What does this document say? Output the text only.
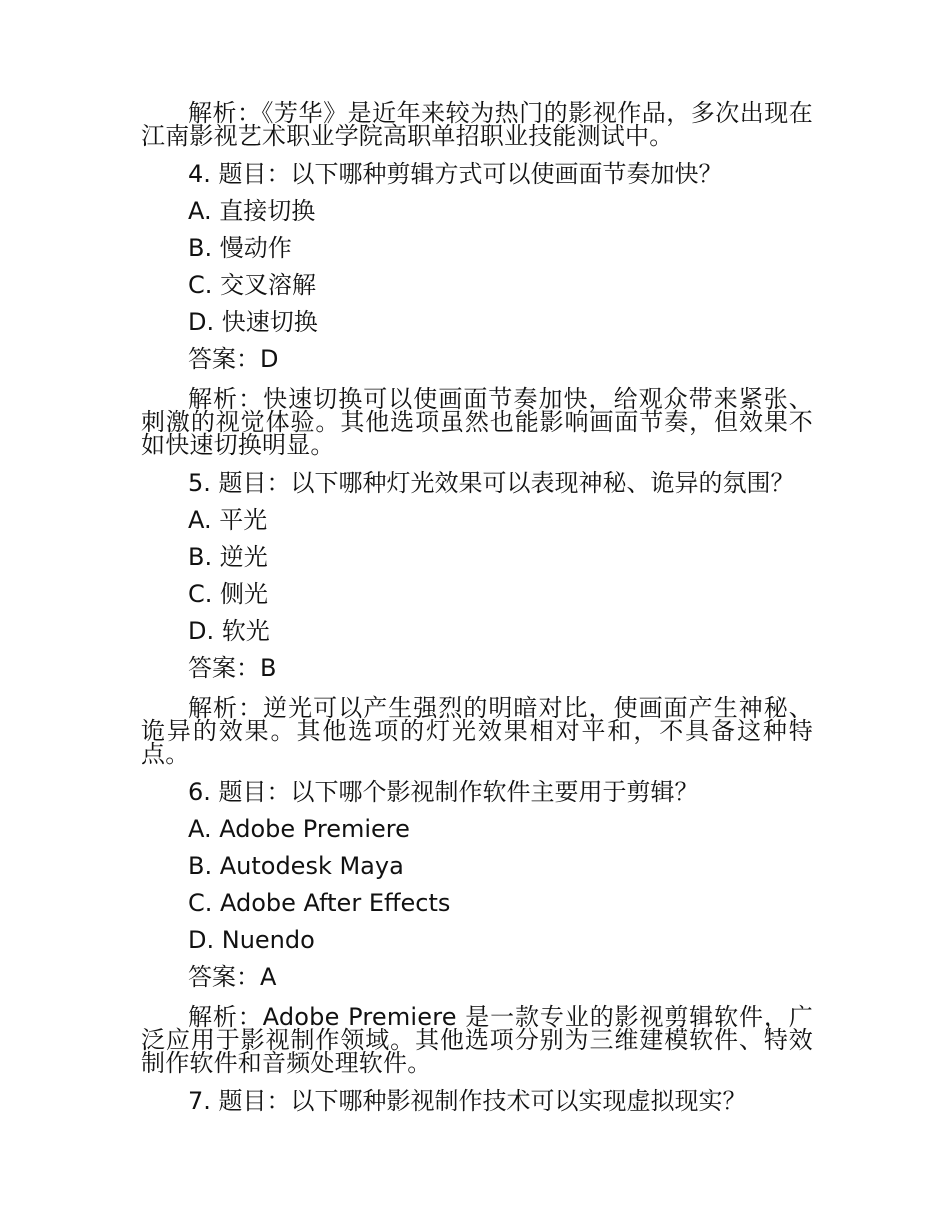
解析：《芳华》是近年来较为热门的影视作品，多次出现在江南影视艺术职业学院高职单招职业技能测试中。

4. 题目：以下哪种剪辑方式可以使画面节奏加快？

A. 直接切换

B. 慢动作

C. 交叉溶解

D. 快速切换

答案：D

解析：快速切换可以使画面节奏加快，给观众带来紧张、刺激的视觉体验。其他选项虽然也能影响画面节奏，但效果不如快速切换明显。

5. 题目：以下哪种灯光效果可以表现神秘、诡异的氛围？

A. 平光

B. 逆光

C. 侧光

D. 软光

答案：B

解析：逆光可以产生强烈的明暗对比，使画面产生神秘、诡异的效果。其他选项的灯光效果相对平和，不具备这种特点。

6. 题目：以下哪个影视制作软件主要用于剪辑？

A. Adobe Premiere

B. Autodesk Maya

C. Adobe After Effects

D. Nuendo

答案：A

解析：Adobe Premiere 是一款专业的影视剪辑软件，广泛应用于影视制作领域。其他选项分别为三维建模软件、特效制作软件和音频处理软件。

7. 题目：以下哪种影视制作技术可以实现虚拟现实？
